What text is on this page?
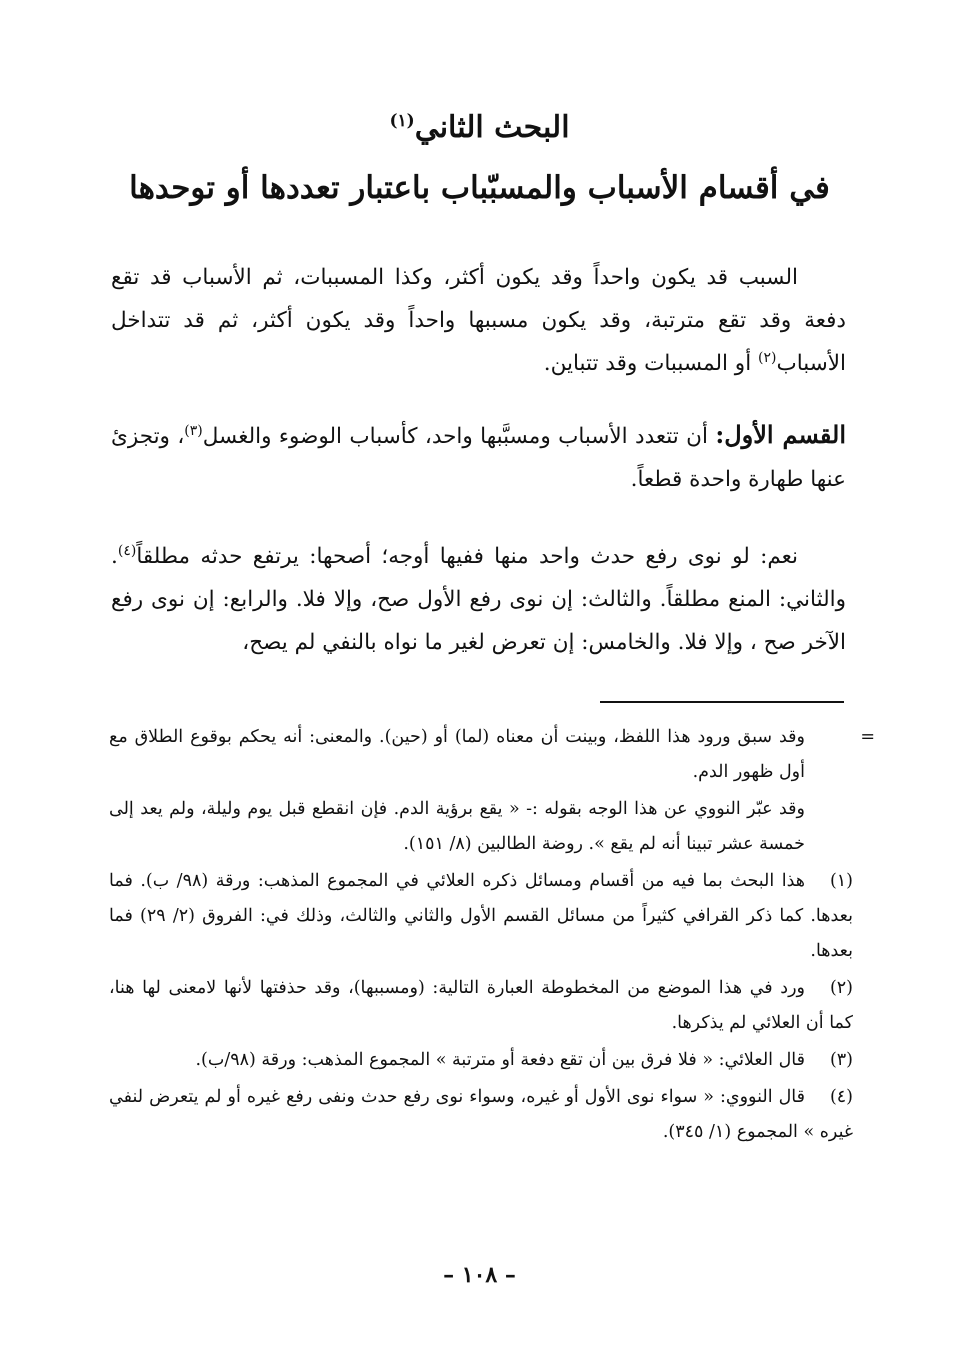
البحث الثاني$^{(١)}$
في أقسام الأسباب والمسبّباب باعتبار تعددها أو توحدها

السبب قد يكون واحداً وقد يكون أكثر، وكذا المسببات، ثم الأسباب قد تقع دفعة وقد تقع مترتبة، وقد يكون مسببها واحداً وقد يكون أكثر، ثم قد تتداخل الأسباب$^{(٢)}$ أو المسببات وقد تتباين.

القسم الأول: أن تتعدد الأسباب ومسبَّبها واحد، كأسباب الوضوء والغسل$^{(٣)}$، وتجزئ عنها طهارة واحدة قطعاً.

نعم: لو نوى رفع حدث واحد منها ففيها أوجه؛ أصحها: يرتفع حدثه مطلقاً$^{(٤)}$. والثاني: المنع مطلقاً. والثالث: إن نوى رفع الأول صح، وإلا فلا. والرابع: إن نوى رفع الآخر صح ، وإلا فلا. والخامس: إن تعرض لغير ما نواه بالنفي لم يصح،

=

وقد سبق ورود هذا اللفظ، وبينت أن معناه (لما) أو (حين). والمعنى: أنه يحكم بوقوع الطلاق مع أول ظهور الدم.

وقد عبّر النووي عن هذا الوجه بقوله :- « يقع برؤية الدم. فإن انقطع قبل يوم وليلة، ولم يعد إلى خمسة عشر تبينا أنه لم يقع ». روضة الطالبين (٨/ ١٥١).

(١)هذا البحث بما فيه من أقسام ومسائل ذكره العلائي في المجموع المذهب: ورقة (٩٨/ ب). فما بعدها. كما ذكر القرافي كثيراً من مسائل القسم الأول والثاني والثالث، وذلك في: الفروق (٢/ ٢٩) فما بعدها.

(٢)ورد في هذا الموضع من المخطوطة العبارة التالية: (ومسببها)، وقد حذفتها لأنها لامعنى لها هنا، كما أن العلائي لم يذكرها.

(٣)قال العلائي: « فلا فرق بين أن تقع دفعة أو مترتبة » المجموع المذهب: ورقة (٩٨/ب).

(٤)قال النووي: « سواء نوى الأول أو غيره، وسواء نوى رفع حدث ونفى رفع غيره أو لم يتعرض لنفي غيره » المجموع (١/ ٣٤٥).

– ١٠٨ –
